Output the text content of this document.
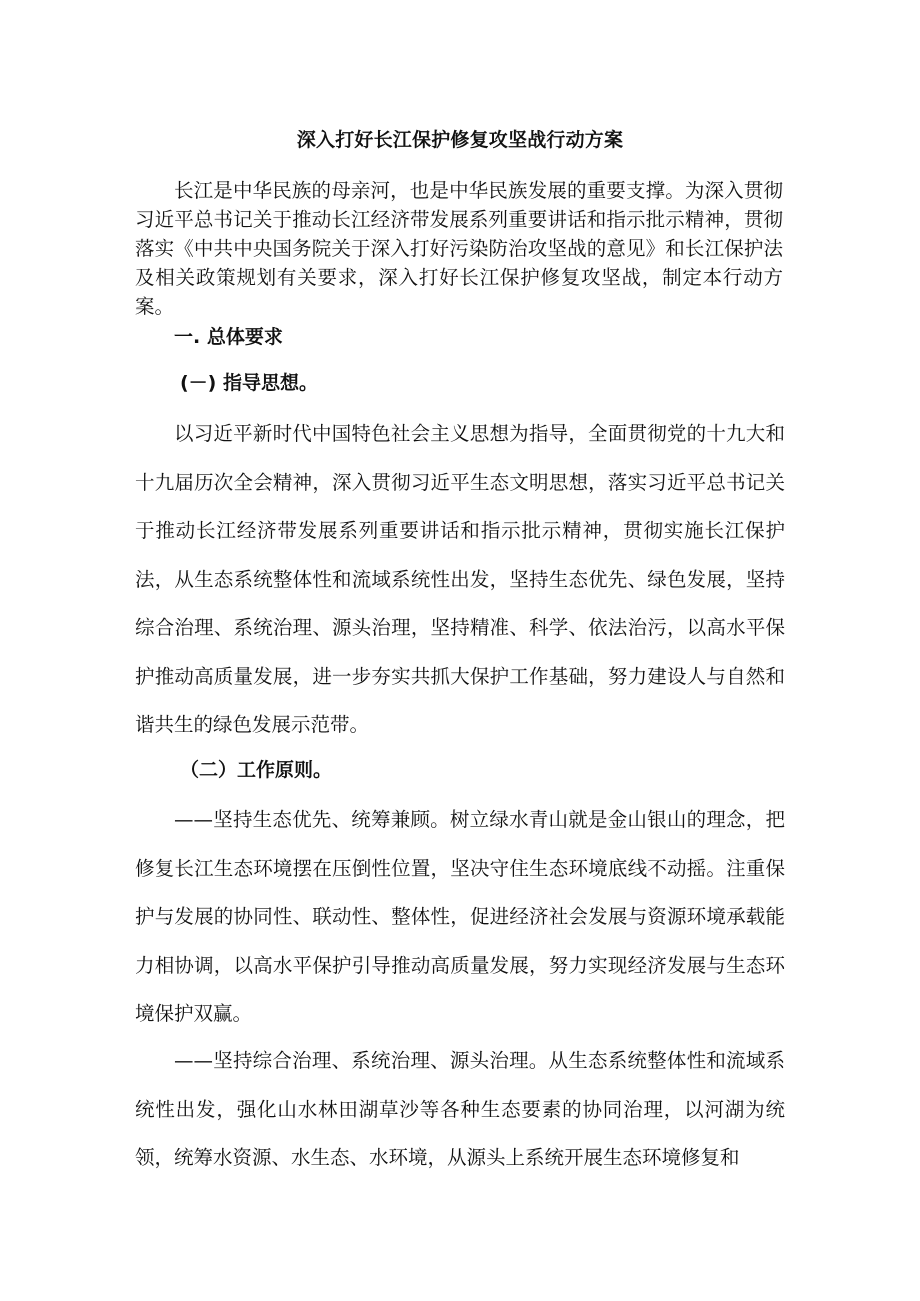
深入打好长江保护修复攻坚战行动方案

长江是中华民族的母亲河，也是中华民族发展的重要支撑。为深入贯彻习近平总书记关于推动长江经济带发展系列重要讲话和指示批示精神，贯彻落实《中共中央国务院关于深入打好污染防治攻坚战的意见》和长江保护法及相关政策规划有关要求，深入打好长江保护修复攻坚战，制定本行动方案。

一. 总体要求

(－) 指导思想。

以习近平新时代中国特色社会主义思想为指导，全面贯彻党的十九大和十九届历次全会精神，深入贯彻习近平生态文明思想，落实习近平总书记关于推动长江经济带发展系列重要讲话和指示批示精神，贯彻实施长江保护法，从生态系统整体性和流域系统性出发，坚持生态优先、绿色发展，坚持综合治理、系统治理、源头治理，坚持精准、科学、依法治污，以高水平保护推动高质量发展，进一步夯实共抓大保护工作基础，努力建设人与自然和谐共生的绿色发展示范带。

（二）工作原则。

——坚持生态优先、统筹兼顾。树立绿水青山就是金山银山的理念，把修复长江生态环境摆在压倒性位置，坚决守住生态环境底线不动摇。注重保护与发展的协同性、联动性、整体性，促进经济社会发展与资源环境承载能力相协调，以高水平保护引导推动高质量发展，努力实现经济发展与生态环境保护双赢。

——坚持综合治理、系统治理、源头治理。从生态系统整体性和流域系统性出发，强化山水林田湖草沙等各种生态要素的协同治理，以河湖为统领，统筹水资源、水生态、水环境，从源头上系统开展生态环境修复和
